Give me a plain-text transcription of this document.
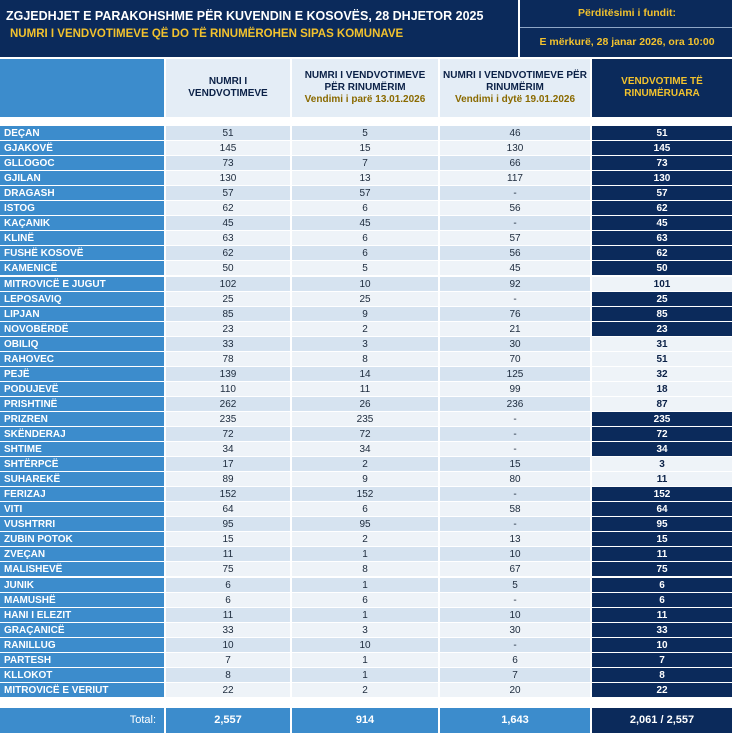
ZGJEDHJET E PARAKOHSHME PËR KUVENDIN E KOSOVËS, 28 DHJETOR 2025
NUMRI I VENDVOTIMEVE QË DO TË RINUMËROHEN SIPAS KOMUNAVE
Përditësimi i fundit:
E mërkurë, 28 janar 2026, ora 10:00
NUMRI I VENDVOTIMEVE
NUMRI I VENDVOTIMEVE PËR RINUMËRIM
Vendimi i parë 13.01.2026
NUMRI I VENDVOTIMEVE PËR RINUMËRIM
Vendimi i dytë 19.01.2026
VENDVOTIME TË RINUMËRUARA
DEÇAN	51	5	46	51
GJAKOVË	145	15	130	145
GLLOGOC	73	7	66	73
GJILAN	130	13	117	130
DRAGASH	57	57	-	57
ISTOG	62	6	56	62
KAÇANIK	45	45	-	45
KLINË	63	6	57	63
FUSHË KOSOVË	62	6	56	62
KAMENICË	50	5	45	50
MITROVICË E JUGUT	102	10	92	101
LEPOSAVIQ	25	25	-	25
LIPJAN	85	9	76	85
NOVOBËRDË	23	2	21	23
OBILIQ	33	3	30	31
RAHOVEC	78	8	70	51
PEJË	139	14	125	32
PODUJEVË	110	11	99	18
PRISHTINË	262	26	236	87
PRIZREN	235	235	-	235
SKËNDERAJ	72	72	-	72
SHTIME	34	34	-	34
SHTËRPCË	17	2	15	3
SUHAREKË	89	9	80	11
FERIZAJ	152	152	-	152
VITI	64	6	58	64
VUSHTRRI	95	95	-	95
ZUBIN POTOK	15	2	13	15
ZVEÇAN	11	1	10	11
MALISHEVË	75	8	67	75
JUNIK	6	1	5	6
MAMUSHË	6	6	-	6
HANI I ELEZIT	11	1	10	11
GRAÇANICË	33	3	30	33
RANILLUG	10	10	-	10
PARTESH	7	1	6	7
KLLOKOT	8	1	7	8
MITROVICË E VERIUT	22	2	20	22
Total:	2,557	914	1,643	2,061 / 2,557
